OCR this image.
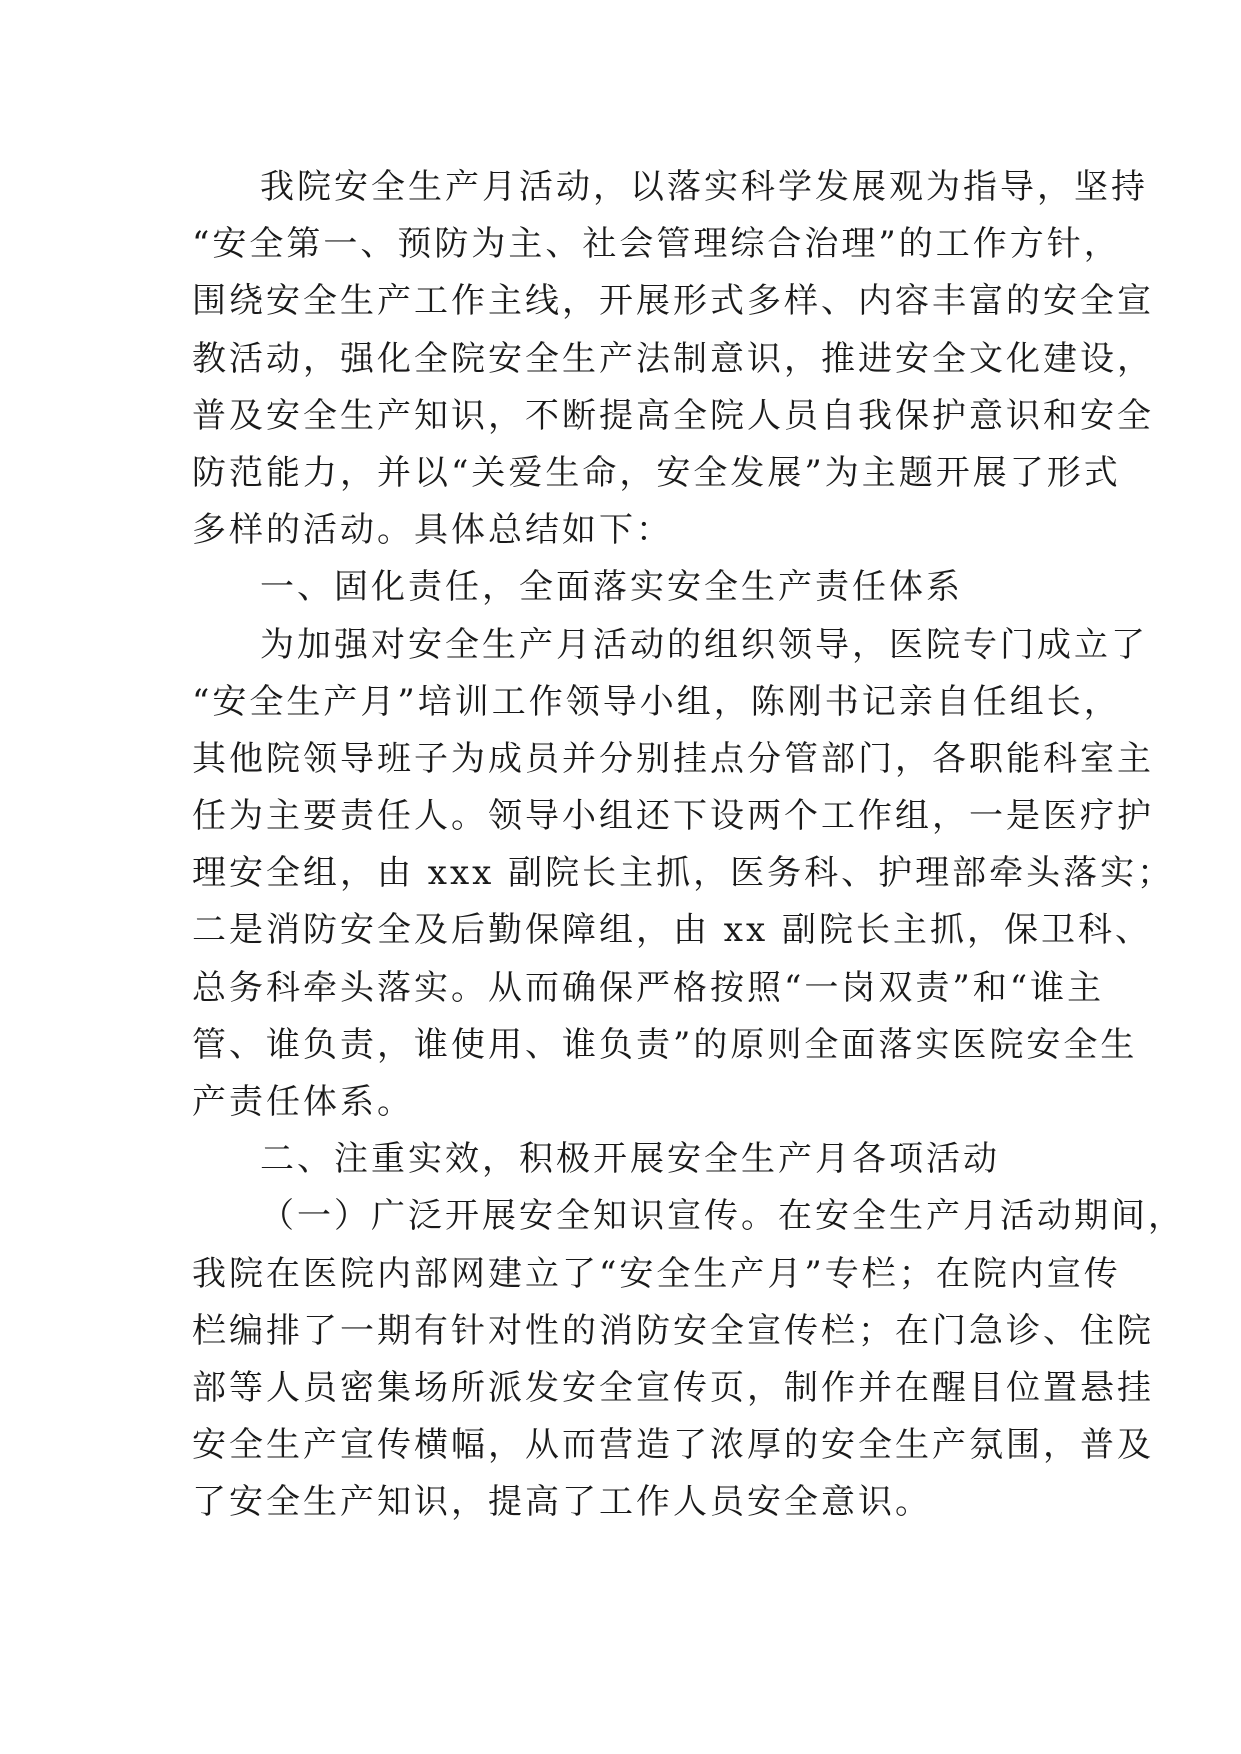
我院安全生产月活动，以落实科学发展观为指导，坚持
“安全第一、预防为主、社会管理综合治理”的工作方针，
围绕安全生产工作主线，开展形式多样、内容丰富的安全宣
教活动，强化全院安全生产法制意识，推进安全文化建设，
普及安全生产知识，不断提高全院人员自我保护意识和安全
防范能力，并以“关爱生命，安全发展”为主题开展了形式
多样的活动。具体总结如下：
一、固化责任，全面落实安全生产责任体系
为加强对安全生产月活动的组织领导，医院专门成立了
“安全生产月”培训工作领导小组，陈刚书记亲自任组长，
其他院领导班子为成员并分别挂点分管部门，各职能科室主
任为主要责任人。领导小组还下设两个工作组，一是医疗护
理安全组，由 xxx 副院长主抓，医务科、护理部牵头落实；
二是消防安全及后勤保障组，由 xx 副院长主抓，保卫科、
总务科牵头落实。从而确保严格按照“一岗双责”和“谁主
管、谁负责，谁使用、谁负责”的原则全面落实医院安全生
产责任体系。
二、注重实效，积极开展安全生产月各项活动
（一）广泛开展安全知识宣传。在安全生产月活动期间，
我院在医院内部网建立了“安全生产月”专栏；在院内宣传
栏编排了一期有针对性的消防安全宣传栏；在门急诊、住院
部等人员密集场所派发安全宣传页，制作并在醒目位置悬挂
安全生产宣传横幅，从而营造了浓厚的安全生产氛围，普及
了安全生产知识，提高了工作人员安全意识。
